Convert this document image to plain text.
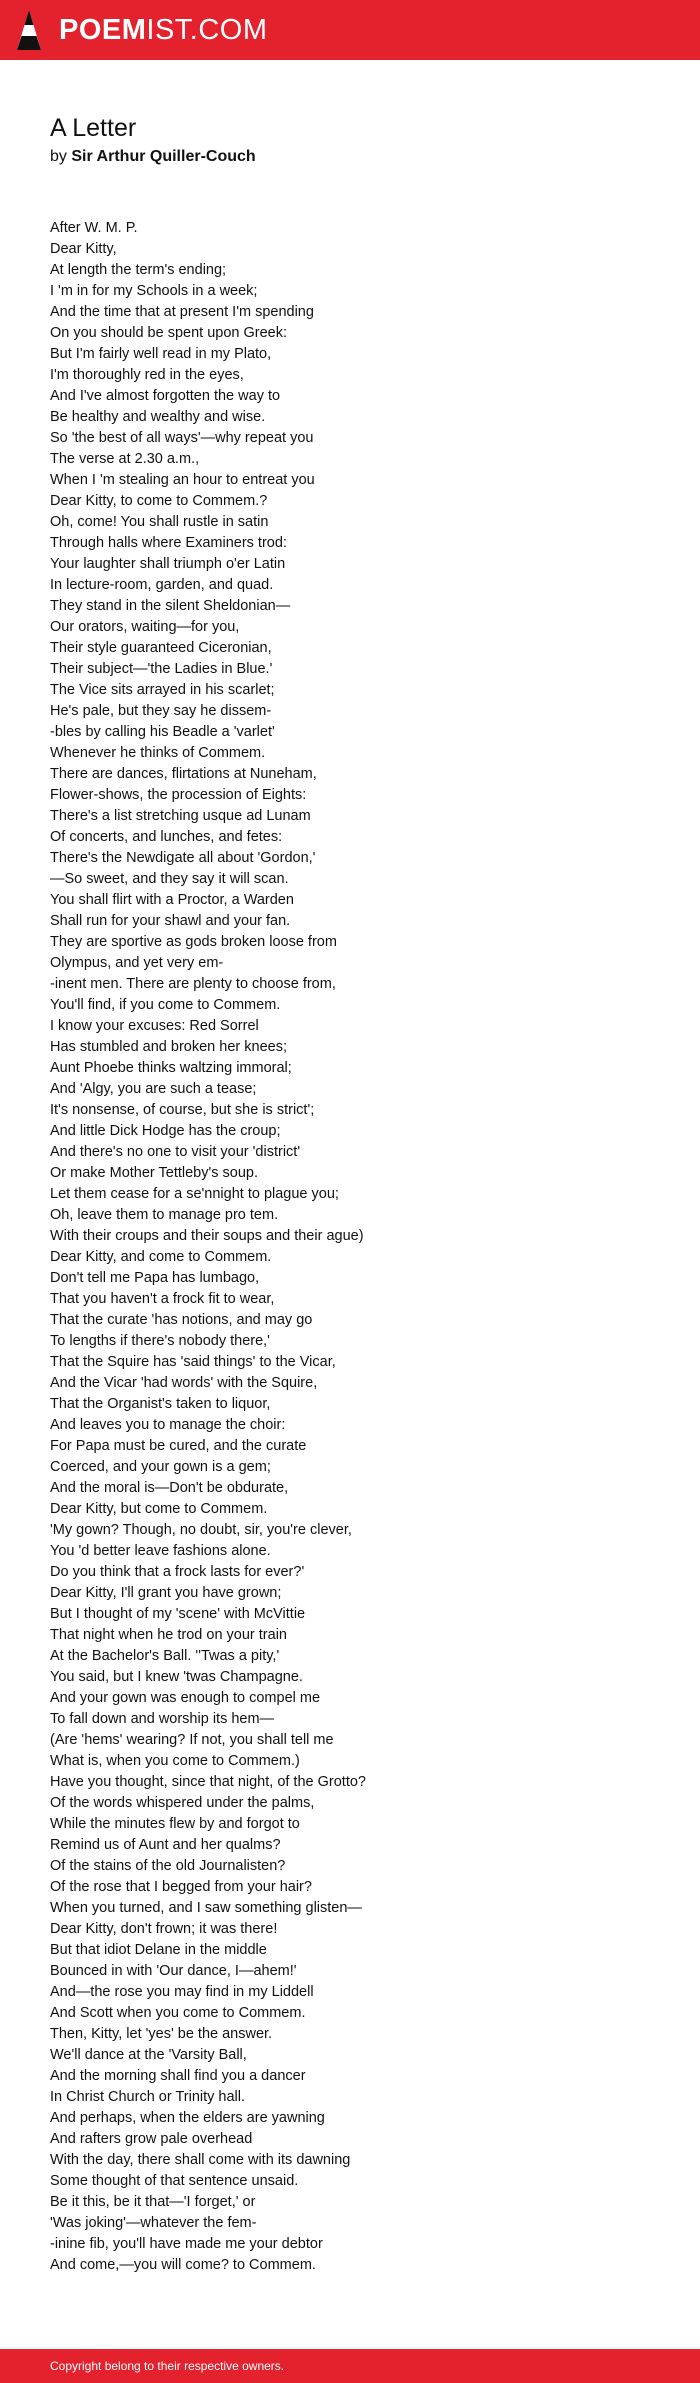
POEMIST.COM
A Letter
by Sir Arthur Quiller-Couch
After W. M. P.
Dear Kitty,
At length the term's ending;
I 'm in for my Schools in a week;
And the time that at present I'm spending
On you should be spent upon Greek:
But I'm fairly well read in my Plato,
I'm thoroughly red in the eyes,
And I've almost forgotten the way to
Be healthy and wealthy and wise.
So 'the best of all ways'—why repeat you
The verse at 2.30 a.m.,
When I 'm stealing an hour to entreat you
Dear Kitty, to come to Commem.?
Oh, come! You shall rustle in satin
Through halls where Examiners trod:
Your laughter shall triumph o'er Latin
In lecture-room, garden, and quad.
They stand in the silent Sheldonian—
Our orators, waiting—for you,
Their style guaranteed Ciceronian,
Their subject—'the Ladies in Blue.'
The Vice sits arrayed in his scarlet;
He's pale, but they say he dissem-
-bles by calling his Beadle a 'varlet'
Whenever he thinks of Commem.
There are dances, flirtations at Nuneham,
Flower-shows, the procession of Eights:
There's a list stretching usque ad Lunam
Of concerts, and lunches, and fetes:
There's the Newdigate all about 'Gordon,'
—So sweet, and they say it will scan.
You shall flirt with a Proctor, a Warden
Shall run for your shawl and your fan.
They are sportive as gods broken loose from
Olympus, and yet very em-
-inent men. There are plenty to choose from,
You'll find, if you come to Commem.
I know your excuses: Red Sorrel
Has stumbled and broken her knees;
Aunt Phoebe thinks waltzing immoral;
And 'Algy, you are such a tease;
It's nonsense, of course, but she is strict';
And little Dick Hodge has the croup;
And there's no one to visit your 'district'
Or make Mother Tettleby's soup.
Let them cease for a se'nnight to plague you;
Oh, leave them to manage pro tem.
With their croups and their soups and their ague)
Dear Kitty, and come to Commem.
Don't tell me Papa has lumbago,
That you haven't a frock fit to wear,
That the curate 'has notions, and may go
To lengths if there's nobody there,'
That the Squire has 'said things' to the Vicar,
And the Vicar 'had words' with the Squire,
That the Organist's taken to liquor,
And leaves you to manage the choir:
For Papa must be cured, and the curate
Coerced, and your gown is a gem;
And the moral is—Don't be obdurate,
Dear Kitty, but come to Commem.
'My gown? Though, no doubt, sir, you're clever,
You 'd better leave fashions alone.
Do you think that a frock lasts for ever?'
Dear Kitty, I'll grant you have grown;
But I thought of my 'scene' with McVittie
That night when he trod on your train
At the Bachelor's Ball. ''Twas a pity,'
You said, but I knew 'twas Champagne.
And your gown was enough to compel me
To fall down and worship its hem—
(Are 'hems' wearing? If not, you shall tell me
What is, when you come to Commem.)
Have you thought, since that night, of the Grotto?
Of the words whispered under the palms,
While the minutes flew by and forgot to
Remind us of Aunt and her qualms?
Of the stains of the old Journalisten?
Of the rose that I begged from your hair?
When you turned, and I saw something glisten—
Dear Kitty, don't frown; it was there!
But that idiot Delane in the middle
Bounced in with 'Our dance, I—ahem!'
And—the rose you may find in my Liddell
And Scott when you come to Commem.
Then, Kitty, let 'yes' be the answer.
We'll dance at the 'Varsity Ball,
And the morning shall find you a dancer
In Christ Church or Trinity hall.
And perhaps, when the elders are yawning
And rafters grow pale overhead
With the day, there shall come with its dawning
Some thought of that sentence unsaid.
Be it this, be it that—'I forget,' or
'Was joking'—whatever the fem-
-inine fib, you'll have made me your debtor
And come,—you will come? to Commem.
Copyright belong to their respective owners.
